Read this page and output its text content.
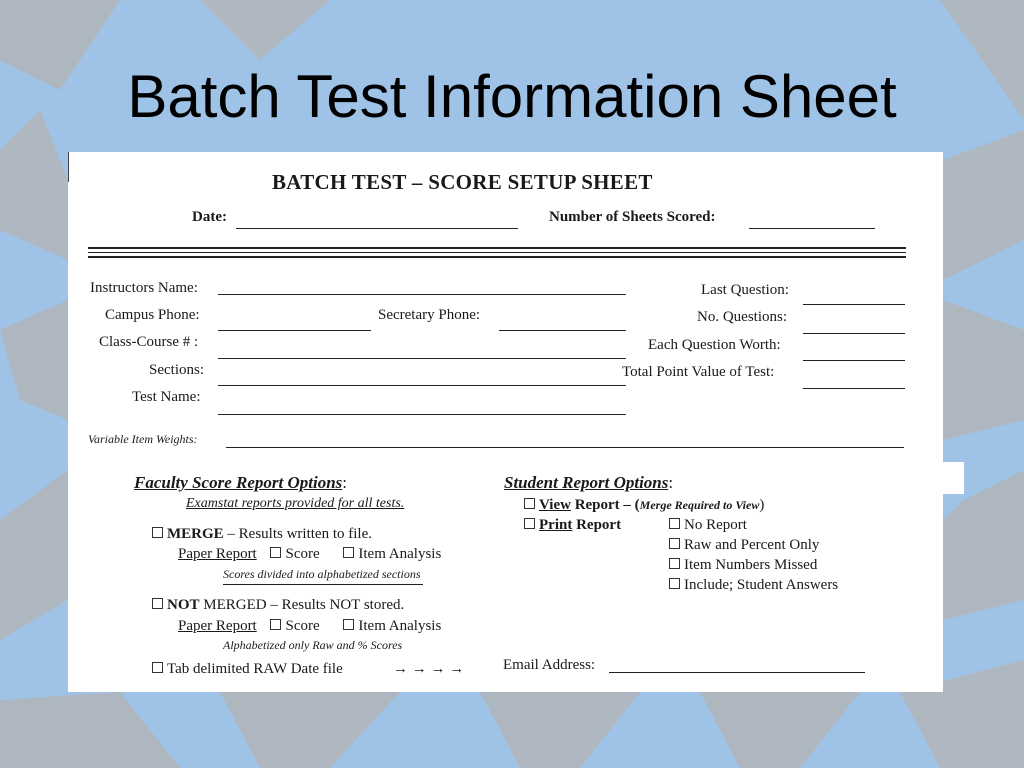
Batch Test Information Sheet
BATCH TEST – SCORE SETUP SHEET
Date:	Number of Sheets Scored:
Instructors Name:
Campus Phone:	Secretary Phone:
Class-Course # :
Sections:
Test Name:
Last Question:
No. Questions:
Each Question Worth:
Total Point Value of Test:
Variable Item Weights:
Faculty Score Report Options:
Examstat reports provided for all tests.
MERGE – Results written to file.
Paper Report Score	Item Analysis
Scores divided into alphabetized sections
NOT MERGED – Results NOT stored.
Paper Report Score	Item Analysis
Alphabetized only Raw and % Scores
Tab delimited RAW Date file	→ → → →
Student Report Options:
View Report – (Merge Required to View)
Print Report	No Report
Raw and Percent Only
Item Numbers Missed
Include; Student Answers
Email Address:
